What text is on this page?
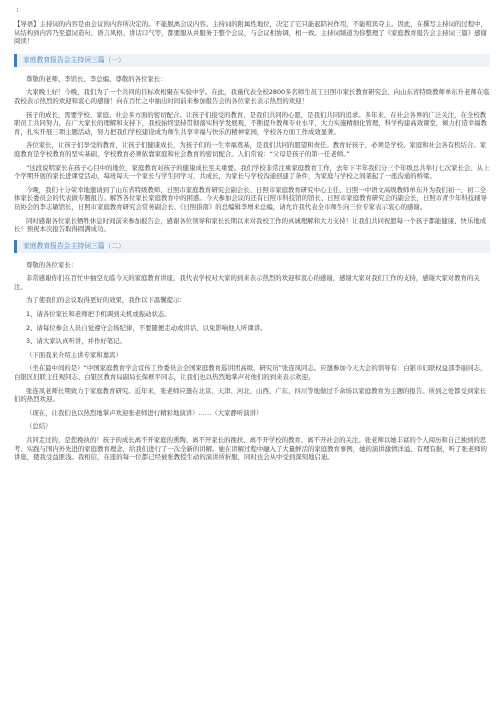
1

【导语】主持词的内容是由会议的内容所决定的。不能脱离会议内容。主持词的附属性地位，决定了它只能起陪衬作用，不能喧宾夺主。因此，在撰写主持词的过程中，从结构到内容乃至遣词造句、语言风格、讲话口气等，都要服从并服务于整个会议，与会议相协调，相一致。主持词频道为你整理了《家庭教育报告会主持词三篇》感谢阅读！

家庭教育报告会主持词三篇（一）

尊敬的老师、李馆长、李总编、尊敬的各位家长：

大家晚上好！今晚，我们为了一个共同的目标欢相聚在实验中学。在此，我谨代表全校2800多名师生员工日照市家长教育研究会、向山东省特级教师单东升老师在临我校表示热烈的欢迎和衷心的感谢！向在百忙之中抽出时间前来参加报告会的各位家长表示热烈的欢迎！

孩子的成长，需要学校、家庭、社会多方面的密切配合。让孩子们接受的教育，是我们共同的心愿，是我们共同的追求。多年来，在社会各界的广泛关注，在全校教职员工共同努力，在广大家长的理解和支持下，我校始终坚持贯彻落实科学发展观，不断提升教师专业水平，大力实施精细化管理，科学构建高效课堂，倾力打造幸福教育，扎实开展三项主题活动，努力把我们学校建设成为师生共享幸福与快乐的精神家园，学校各方面工作成效显著。

各位家长，让孩子们享受的教育，让孩子们健康成长，为孩子们的一生幸福奠基，是我们共同的愿望和责任。教育好孩子，必须是学校、家庭和社会各有机结合。家庭教育是学校教育的坚实基础，学校教育必须依靠家庭和社会教育的密切配合。人们常说：“父母是孩子的第一任老师。”

“这段说明家长在孩子心目中的地位，家庭教育对孩子的健康成长至关重要。我们学校非常注重家庭教育工作，去年下半年我们分三个年级总共举行七次家长会。从上个学期开展的家长进课堂活动，每班每天一个家长与学生同学习，共成长，为家长与学校沟通创建了条件，为家庭与学校之间架起了一座沟通的桥梁。

今晚，我们十分荣幸地邀请到了山东省特级教师、日照市家庭教育研究会副会长、日照市家庭教育研究中心主任、日照一中语文高级教师单东升为我们初一、初二全体家长委员会的代表做专题报告。解答各位家长家庭教育中的困惑。今天参加会议的还有日照市科技馆的馆长、日照市家庭教育研究会的副会长，日照市青少年科技辅导员协会的李志敏馆长，日照市家庭教育研究会常务副会长、《日照指南》的总编辑李增来总编，请允许我代表全市师生向三位专家表示衷心的感谢。

同时感谢各位家长牺牲休息时间前来参加报告会，感谢各位领导和家长长期以来对我校工作的真诚理解和大力支持！让我们共同祝愿每一个孩子都能健康、快乐地成长！预祝本次报告取得圆满成功。

家庭教育报告会主持词三篇（二）

尊敬的各位家长：

非常感谢你们在百忙中抽空光临今天的家庭教育讲座，我代表学校对大家的到来表示热烈的欢迎和衷心的感谢，感谢大家对我们工作的支持，感谢大家对教育的关注。

为了使我们的会议取得更好的效果，我作以下温馨提示：

1、请各位家长和老师把手机调到关机或振动状态。

2、请每位参会人员自觉遵守会场纪律，不要随便走动或讲话，以免影响他人听课讲。

3、请大家认真听讲，并作好笔记。

（下面我来介绍主讲专家和嘉宾）

（坐在最中间的是）“中国家庭教育学会宣传工作委员会全国家庭教育巡讲团高级、研究员”张连凤同志。应邀参加今天大会的领导有：白银市妇联权益部李丽同志、白银区妇联主任观同志、白银区教育局副局长保框平同志，让我们也以热烈地掌声对他们的到来表示欢迎。

张连凤老师长期致力于家庭教育研究。近年来，张老师应邀在北京、天津、河北、山西、广东、四川等地做过千余场以家庭教育为主题的报告。所到之处都受到家长们的热烈欢迎。

（现在，让我们也以热烈地掌声欢迎张老师进行精彩地演讲）……（大家静听演讲）

（总结）

共同走过的，是您挽执的！孩子的成长离不开家庭的熏陶、离不开家长的挽扶、离不开学校的教育、离不开社会的关注。张老师以她丰富的个人阅历和自己独到的思考、实践与国内外先进的家庭教育理念，给我们进行了一次全新的讲解。她在讲解过程中融入了大量鲜活的家庭教育事例，她的演讲激情洋溢、有理有据，听了张老师的讲座，使我受益匪浅。我相信，在座的每一位都已经被张教授生动的演讲所折服，同时也会从中受到深刻地启迪。
